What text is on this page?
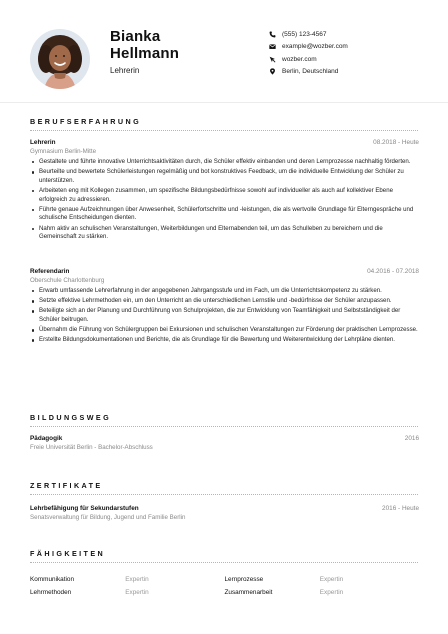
Bianka
Hellmann
Lehrerin
(555) 123-4567
example@wozber.com
wozber.com
Berlin, Deutschland
BERUFSERFAHRUNG
Lehrerin	08.2018 - Heute
Gymnasium Berlin-Mitte
Gestaltete und führte innovative Unterrichtsaktivitäten durch, die Schüler effektiv einbanden und deren Lernprozesse nachhaltig förderten.
Beurteilte und bewertete Schülerleistungen regelmäßig und bot konstruktives Feedback, um die individuelle Entwicklung der Schüler zu unterstützen.
Arbeiteten eng mit Kollegen zusammen, um spezifische Bildungsbedürfnisse sowohl auf individueller als auch auf kollektiver Ebene erfolgreich zu adressieren.
Führte genaue Aufzeichnungen über Anwesenheit, Schülerfortschritte und -leistungen, die als wertvolle Grundlage für Elterngespräche und schulische Entscheidungen dienten.
Nahm aktiv an schulischen Veranstaltungen, Weiterbildungen und Elternabenden teil, um das Schulleben zu bereichern und die Gemeinschaft zu stärken.
Referendarin	04.2016 - 07.2018
Oberschule Charlottenburg
Erwarb umfassende Lehrerfahrung in der angegebenen Jahrgangsstufe und im Fach, um die Unterrichtskompetenz zu stärken.
Setzte effektive Lehrmethoden ein, um den Unterricht an die unterschiedlichen Lernstile und -bedürfnisse der Schüler anzupassen.
Beteiligte sich an der Planung und Durchführung von Schulprojekten, die zur Entwicklung von Teamfähigkeit und Selbstständigkeit der Schüler beitrugen.
Übernahm die Führung von Schülergruppen bei Exkursionen und schulischen Veranstaltungen zur Förderung der praktischen Lernprozesse.
Erstellte Bildungsdokumentationen und Berichte, die als Grundlage für die Bewertung und Weiterentwicklung der Lehrpläne dienten.
BILDUNGSWEG
Pädagogik	2016
Freie Universität Berlin - Bachelor-Abschluss
ZERTIFIKATE
Lehrbefähigung für Sekundarstufen	2016 - Heute
Senatsverwaltung für Bildung, Jugend und Familie Berlin
FÄHIGKEITEN
Kommunikation	Expertin	Lernprozesse	Expertin
Lehrmethoden	Expertin	Zusammenarbeit	Expertin
